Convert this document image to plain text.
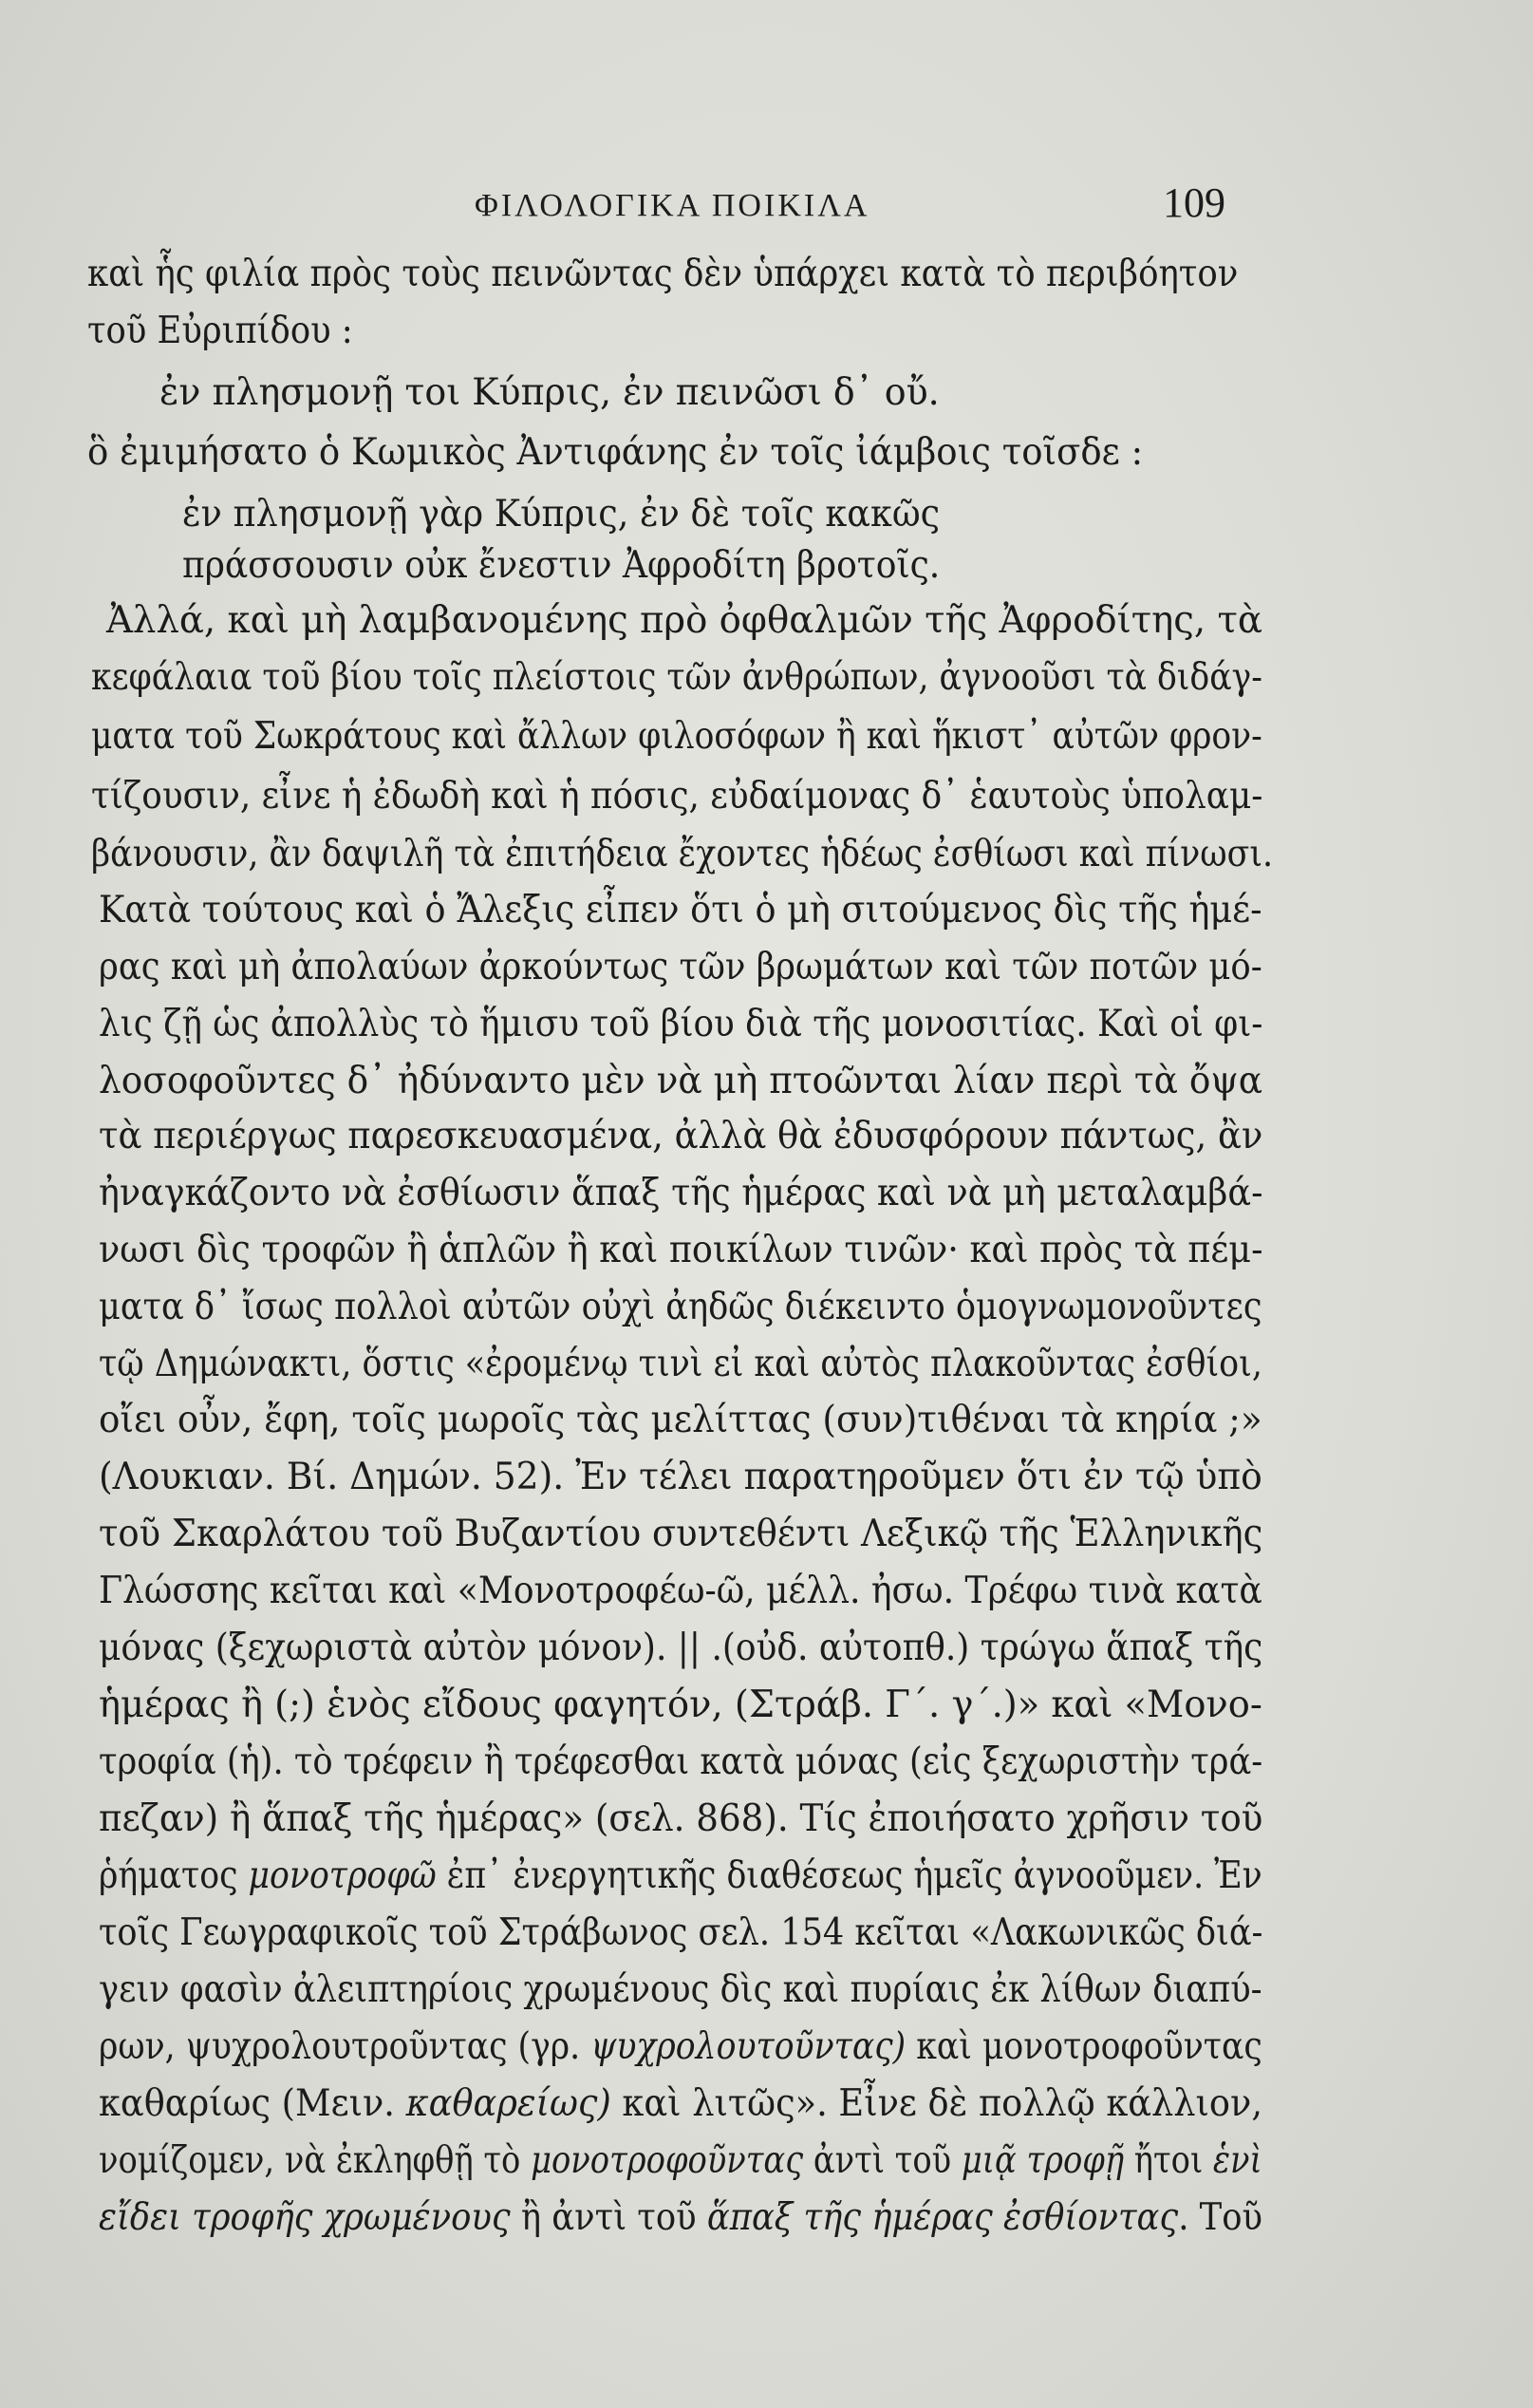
ΦΙΛΟΛΟΓΙΚΑ ΠΟΙΚΙΛΑ	109
καὶ ἧς φιλία πρὸς τοὺς πεινῶντας δὲν ὑπάρχει κατὰ τὸ περιβόητον
τοῦ Εὐριπίδου :
ἐν πλησμονῇ τοι Κύπρις, ἐν πεινῶσι δ᾽ οὔ.
ὃ ἐμιμήσατο ὁ Κωμικὸς Ἀντιφάνης ἐν τοῖς ἰάμβοις τοῖσδε :
ἐν πλησμονῇ γὰρ Κύπρις, ἐν δὲ τοῖς κακῶς
πράσσουσιν οὐκ ἔνεστιν Ἀφροδίτη βροτοῖς.
Ἀλλά, καὶ μὴ λαμβανομένης πρὸ ὀφθαλμῶν τῆς Ἀφροδίτης, τὰ
κεφάλαια τοῦ βίου τοῖς πλείστοις τῶν ἀνθρώπων, ἀγνοοῦσι τὰ διδάγ-
ματα τοῦ Σωκράτους καὶ ἄλλων φιλοσόφων ἢ καὶ ἥκιστ᾽ αὐτῶν φρον-
τίζουσιν, εἶνε ἡ ἐδωδὴ καὶ ἡ πόσις, εὐδαίμονας δ᾽ ἑαυτοὺς ὑπολαμ-
βάνουσιν, ἂν δαψιλῆ τὰ ἐπιτήδεια ἔχοντες ἡδέως ἐσθίωσι καὶ πίνωσι.
Κατὰ τούτους καὶ ὁ Ἄλεξις εἶπεν ὅτι ὁ μὴ σιτούμενος δὶς τῆς ἡμέ-
ρας καὶ μὴ ἀπολαύων ἀρκούντως τῶν βρωμάτων καὶ τῶν ποτῶν μό-
λις ζῇ ὡς ἀπολλὺς τὸ ἥμισυ τοῦ βίου διὰ τῆς μονοσιτίας. Καὶ οἱ φι-
λοσοφοῦντες δ᾽ ἠδύναντο μὲν νὰ μὴ πτοῶνται λίαν περὶ τὰ ὄψα
τὰ περιέργως παρεσκευασμένα, ἀλλὰ θὰ ἐδυσφόρουν πάντως, ἂν
ἠναγκάζοντο νὰ ἐσθίωσιν ἅπαξ τῆς ἡμέρας καὶ νὰ μὴ μεταλαμβά-
νωσι δὶς τροφῶν ἢ ἁπλῶν ἢ καὶ ποικίλων τινῶν· καὶ πρὸς τὰ πέμ-
ματα δ᾽ ἴσως πολλοὶ αὐτῶν οὐχὶ ἀηδῶς διέκειντο ὁμογνωμονοῦντες
τῷ Δημώνακτι, ὅστις «ἐρομένῳ τινὶ εἰ καὶ αὐτὸς πλακοῦντας ἐσθίοι,
οἴει οὖν, ἔφη, τοῖς μωροῖς τὰς μελίττας (συν)τιθέναι τὰ κηρία ;»
(Λουκιαν. Βί. Δημών. 52). Ἐν τέλει παρατηροῦμεν ὅτι ἐν τῷ ὑπὸ
τοῦ Σκαρλάτου τοῦ Βυζαντίου συντεθέντι Λεξικῷ τῆς Ἑλληνικῆς
Γλώσσης κεῖται καὶ «Μονοτροφέω-ῶ, μέλλ. ἠσω. Τρέφω τινὰ κατὰ
μόνας (ξεχωριστὰ αὐτὸν μόνον). || .(οὐδ. αὐτοπθ.) τρώγω ἅπαξ τῆς
ἡμέρας ἢ (;) ἑνὸς εἴδους φαγητόν, (Στράβ. Γ΄. γ΄.)» καὶ «Μονο-
τροφία (ἡ). τὸ τρέφειν ἢ τρέφεσθαι κατὰ μόνας (εἰς ξεχωριστὴν τρά-
πεζαν) ἢ ἅπαξ τῆς ἡμέρας» (σελ. 868). Τίς ἐποιήσατο χρῆσιν τοῦ
ῥήματος μονοτροφῶ ἐπ᾽ ἐνεργητικῆς διαθέσεως ἡμεῖς ἀγνοοῦμεν. Ἐν
τοῖς Γεωγραφικοῖς τοῦ Στράβωνος σελ. 154 κεῖται «Λακωνικῶς διά-
γειν φασὶν ἀλειπτηρίοις χρωμένους δὶς καὶ πυρίαις ἐκ λίθων διαπύ-
ρων, ψυχρολουτροῦντας (γρ. ψυχρολουτοῦντας) καὶ μονοτροφοῦντας
καθαρίως (Μειν. καθαρείως) καὶ λιτῶς». Εἶνε δὲ πολλῷ κάλλιον,
νομίζομεν, νὰ ἐκληφθῇ τὸ μονοτροφοῦντας ἀντὶ τοῦ μιᾷ τροφῇ ἤτοι ἑνὶ
εἴδει τροφῆς χρωμένους ἢ ἀντὶ τοῦ ἅπαξ τῆς ἡμέρας ἐσθίοντας. Τοῦ
